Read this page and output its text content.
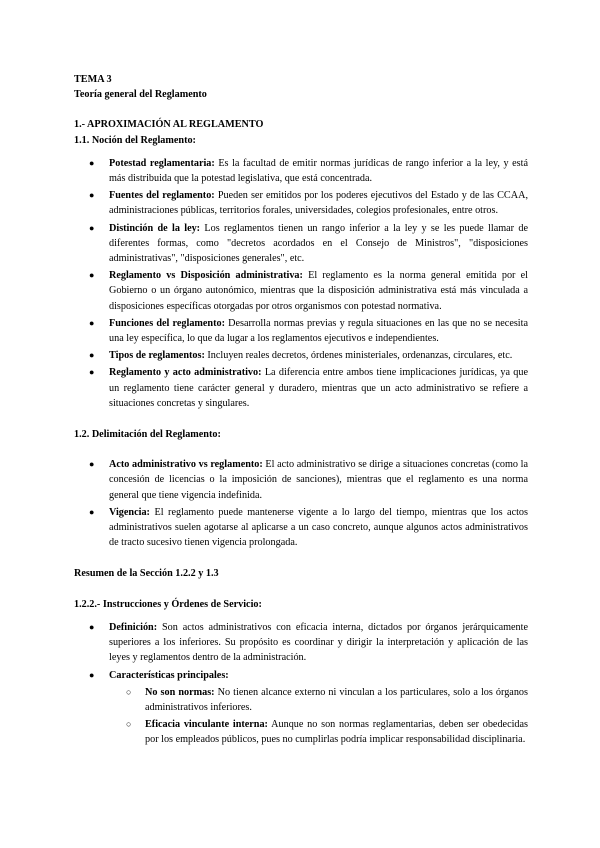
TEMA 3

Teoría general del Reglamento

1.- APROXIMACIÓN AL REGLAMENTO

1.1. Noción del Reglamento:

● Potestad reglamentaria: Es la facultad de emitir normas jurídicas de rango inferior a la ley, y está más distribuida que la potestad legislativa, que está concentrada.
● Fuentes del reglamento: Pueden ser emitidos por los poderes ejecutivos del Estado y de las CCAA, administraciones públicas, territorios forales, universidades, colegios profesionales, entre otros.
● Distinción de la ley: Los reglamentos tienen un rango inferior a la ley y se les puede llamar de diferentes formas, como "decretos acordados en el Consejo de Ministros", "disposiciones administrativas", "disposiciones generales", etc.
● Reglamento vs Disposición administrativa: El reglamento es la norma general emitida por el Gobierno o un órgano autonómico, mientras que la disposición administrativa está más vinculada a disposiciones específicas otorgadas por otros organismos con potestad normativa.
● Funciones del reglamento: Desarrolla normas previas y regula situaciones en las que no se necesita una ley específica, lo que da lugar a los reglamentos ejecutivos e independientes.
● Tipos de reglamentos: Incluyen reales decretos, órdenes ministeriales, ordenanzas, circulares, etc.
● Reglamento y acto administrativo: La diferencia entre ambos tiene implicaciones jurídicas, ya que un reglamento tiene carácter general y duradero, mientras que un acto administrativo se refiere a situaciones concretas y singulares.

1.2. Delimitación del Reglamento:

● Acto administrativo vs reglamento: El acto administrativo se dirige a situaciones concretas (como la concesión de licencias o la imposición de sanciones), mientras que el reglamento es una norma general que tiene vigencia indefinida.
● Vigencia: El reglamento puede mantenerse vigente a lo largo del tiempo, mientras que los actos administrativos suelen agotarse al aplicarse a un caso concreto, aunque algunos actos administrativos de tracto sucesivo tienen vigencia prolongada.

Resumen de la Sección 1.2.2 y 1.3

1.2.2.- Instrucciones y Órdenes de Servicio:

● Definición: Son actos administrativos con eficacia interna, dictados por órganos jerárquicamente superiores a los inferiores. Su propósito es coordinar y dirigir la interpretación y aplicación de las leyes y reglamentos dentro de la administración.
● Características principales:
○ No son normas: No tienen alcance externo ni vinculan a los particulares, solo a los órganos administrativos inferiores.
○ Eficacia vinculante interna: Aunque no son normas reglamentarias, deben ser obedecidas por los empleados públicos, pues no cumplirlas podría implicar responsabilidad disciplinaria.
